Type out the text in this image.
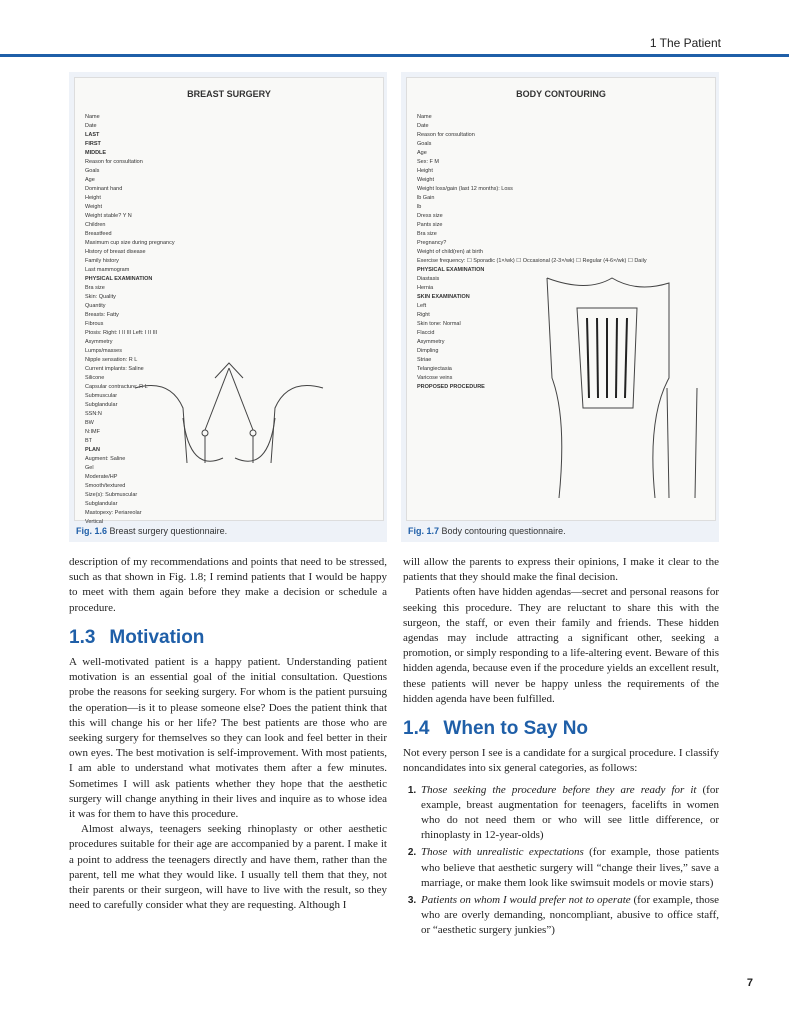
1 The Patient
BREAST SURGERY
Name
Date
LAST
FIRST
MIDDLE
Reason for consultation
Goals
Age
Dominant hand
Height
Weight
Weight stable? Y N
Children
Breastfeed
Maximum cup size during pregnancy
History of breast disease
Family history
Last mammogram
PHYSICAL EXAMINATION
Bra size
Skin: Quality
Quantity
Breasts: Fatty
Fibrous
Ptosis: Right: I II III Left: I II III
Asymmetry
Lumps/masses
Nipple sensation: R L
Current implants: Saline
Silicone
Capsular contracture: R L
Submuscular
Subglandular
SSN:N
BW
N:IMF
BT
PLAN
Augment: Saline
Gel
Moderate/HP
Smooth/textured
Size(s): Submuscular
Subglandular
Mastopexy: Periareolar
Vertical
Fig. 1.6 Breast surgery questionnaire.
BODY CONTOURING
Name
Date
Reason for consultation
Goals
Age
Sex: F M
Height
Weight
Weight loss/gain (last 12 months): Loss
lb Gain
lb
Dress size
Pants size
Bra size
Pregnancy?
Weight of child(ren) at birth
Exercise frequency: ☐ Sporadic (1×/wk) ☐ Occasional (2-3×/wk) ☐ Regular (4-6×/wk) ☐ Daily
PHYSICAL EXAMINATION
Diastasis
Hernia
SKIN EXAMINATION
Left
Right
Skin tone: Normal
Flaccid
Asymmetry
Dimpling
Striae
Telangiectasia
Varicose veins
PROPOSED PROCEDURE
Fig. 1.7 Body contouring questionnaire.

description of my recommendations and points that need to be stressed, such as that shown in Fig. 1.8; I remind patients that I would be happy to meet with them again before they make a decision or schedule a procedure.

1.3 Motivation

A well-motivated patient is a happy patient. Understanding patient motivation is an essential goal of the initial consultation. Questions probe the reasons for seeking surgery. For whom is the patient pursuing the operation—is it to please someone else? Does the patient think that this will change his or her life? The best patients are those who are seeking surgery for themselves so they can look and feel better in their own eyes. The best motivation is self-improvement. With most patients, I am able to understand what motivates them after a few minutes. Sometimes I will ask patients whether they hope that the aesthetic surgery will change anything in their lives and inquire as to whose idea it was for them to have this procedure.

Almost always, teenagers seeking rhinoplasty or other aesthetic procedures suitable for their age are accompanied by a parent. I make it a point to address the teenagers directly and have them, rather than the parent, tell me what they would like. I usually tell them that they, not their parents or their surgeon, will have to live with the result, so they need to carefully consider what they are requesting. Although I

will allow the parents to express their opinions, I make it clear to the patients that they should make the final decision.

Patients often have hidden agendas—secret and personal reasons for seeking this procedure. They are reluctant to share this with the surgeon, the staff, or even their family and friends. These hidden agendas may include attracting a significant other, seeking a promotion, or simply responding to a life-altering event. Beware of this hidden agenda, because even if the procedure yields an excellent result, these patients will never be happy unless the requirements of the hidden agenda have been fulfilled.

1.4 When to Say No

Not every person I see is a candidate for a surgical procedure. I classify noncandidates into six general categories, as follows:

1. Those seeking the procedure before they are ready for it (for example, breast augmentation for teenagers, facelifts in women who do not need them or who will see little difference, or rhinoplasty in 12-year-olds)
2. Those with unrealistic expectations (for example, those patients who believe that aesthetic surgery will “change their lives,” save a marriage, or make them look like swimsuit models or movie stars)
3. Patients on whom I would prefer not to operate (for example, those who are overly demanding, noncompliant, abusive to office staff, or “aesthetic surgery junkies”)
7
